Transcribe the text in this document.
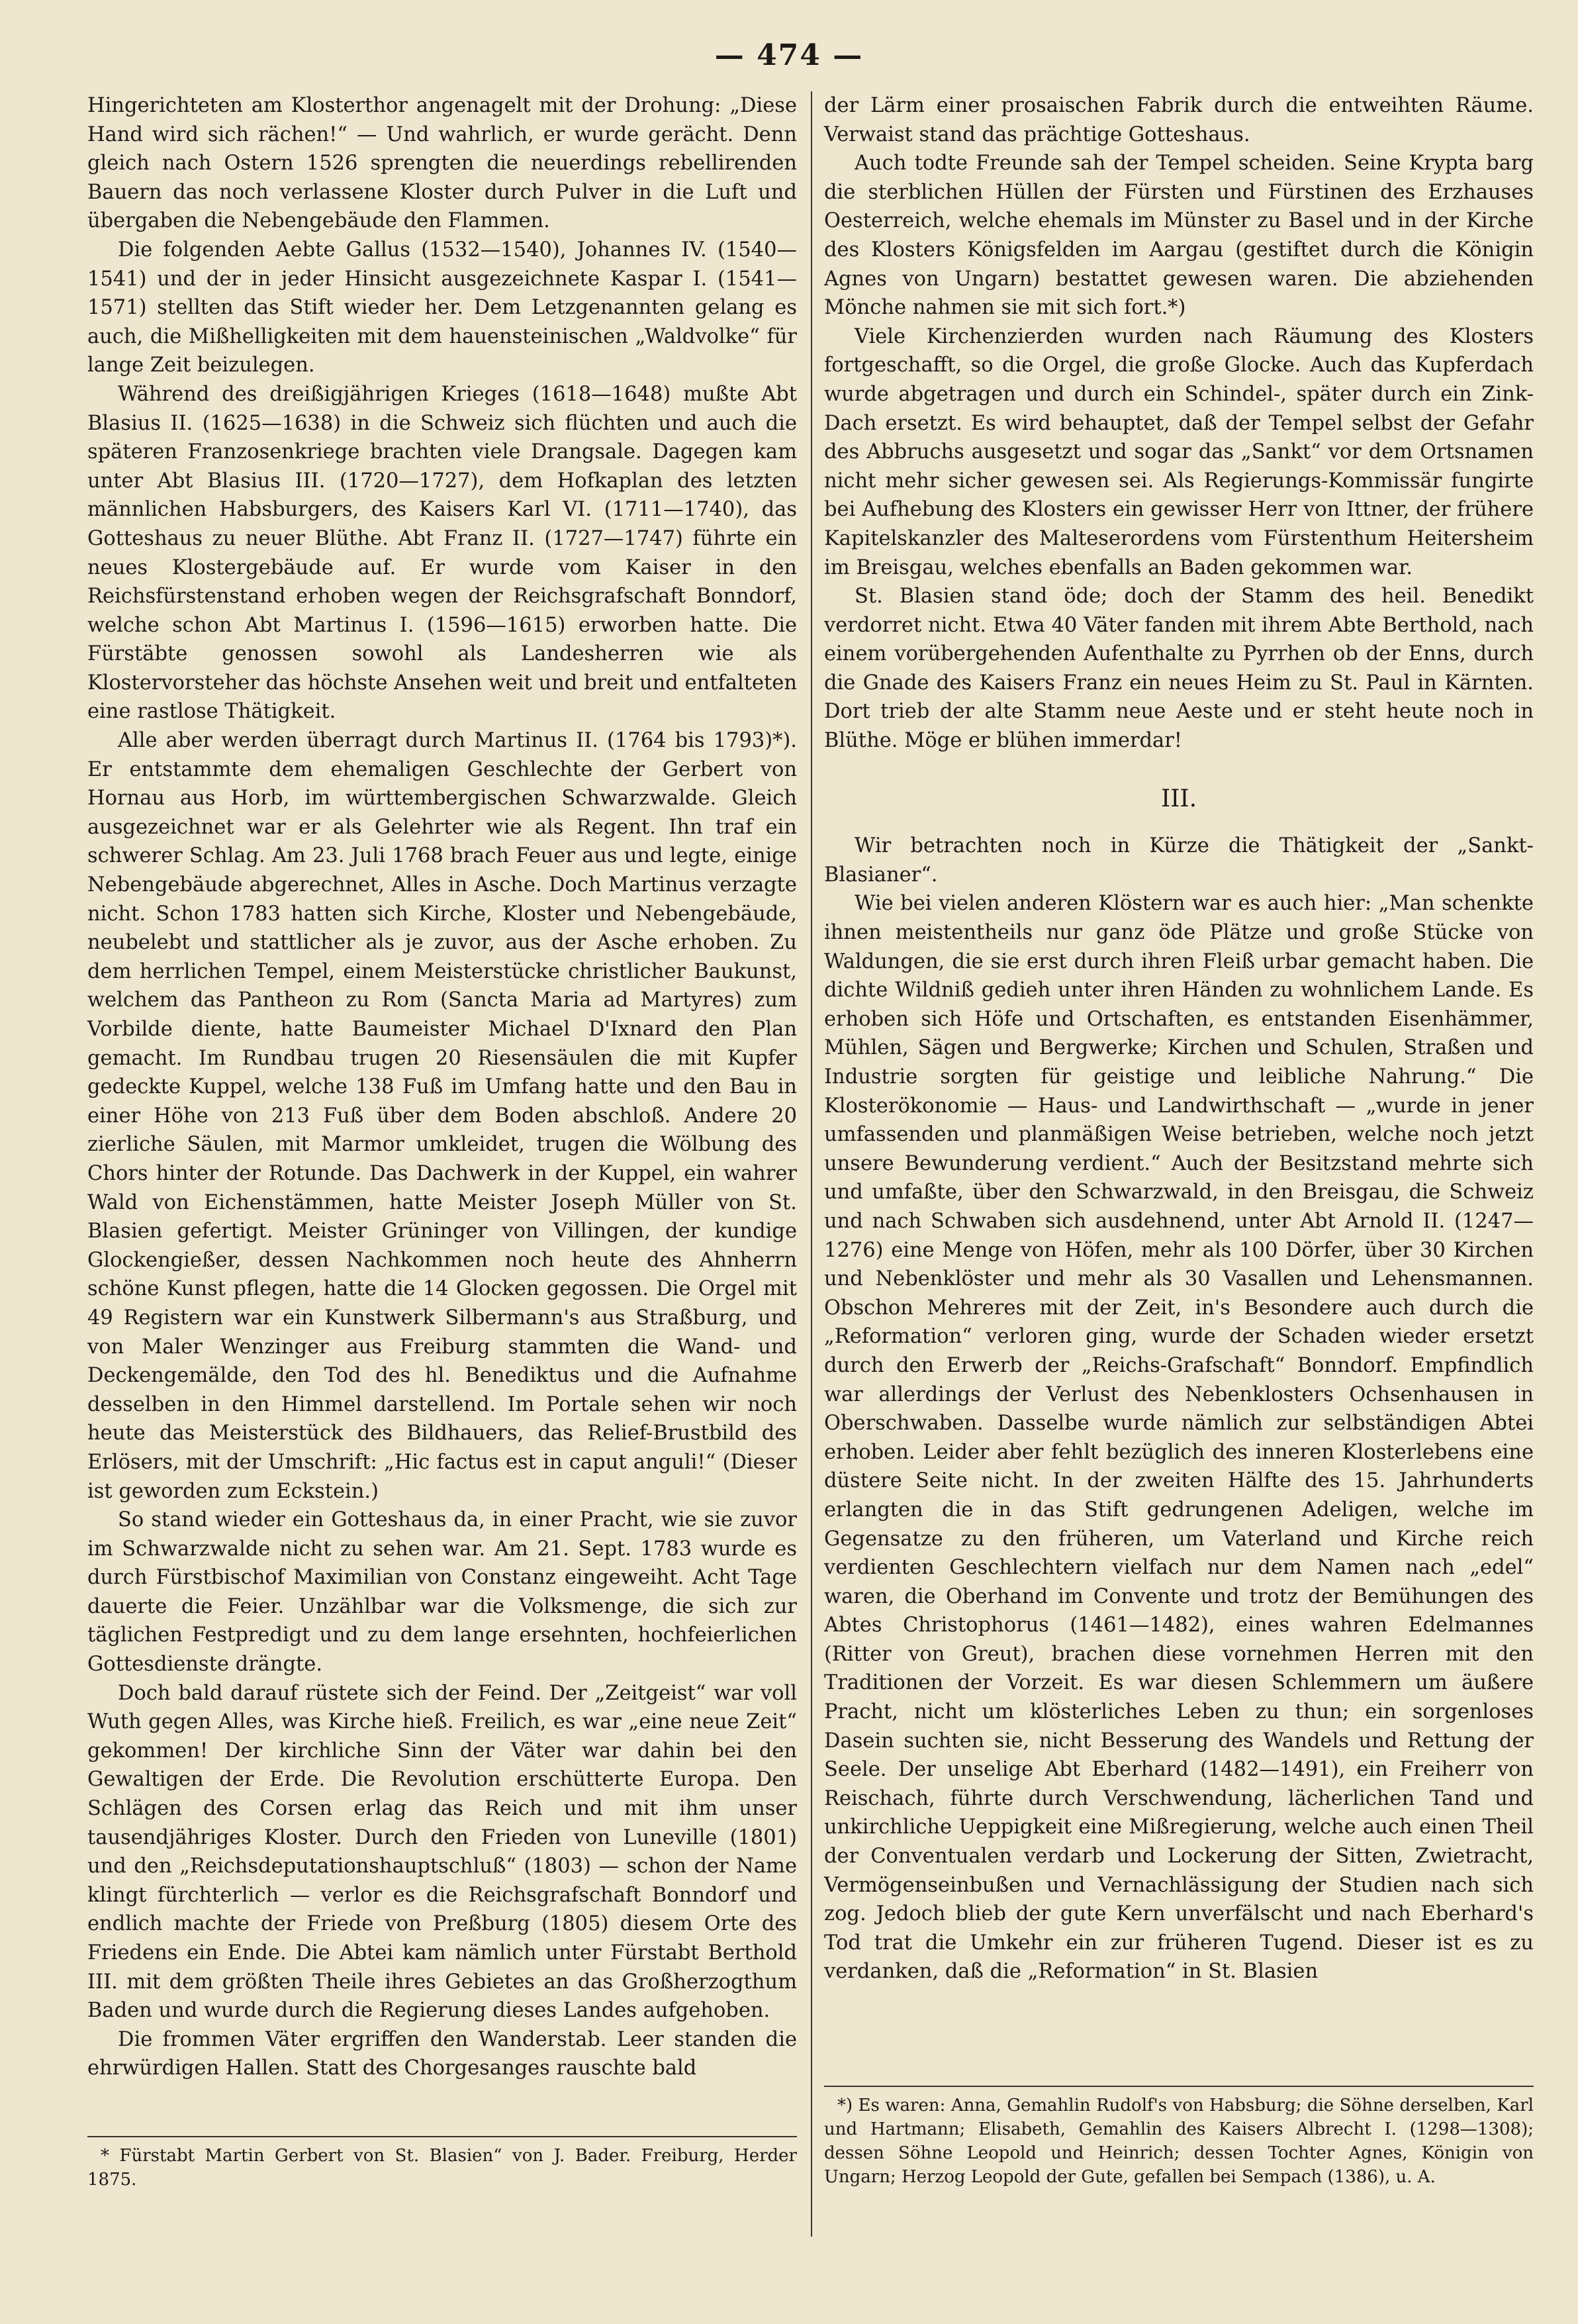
— 474 —

Hingerichteten am Klosterthor angenagelt mit der Drohung: „Diese Hand wird sich rächen!“ — Und wahrlich, er wurde gerächt. Denn gleich nach Ostern 1526 sprengten die neuerdings rebellirenden Bauern das noch verlassene Kloster durch Pulver in die Luft und übergaben die Nebengebäude den Flammen.

Die folgenden Aebte Gallus (1532—1540), Johannes IV. (1540—1541) und der in jeder Hinsicht ausgezeichnete Kaspar I. (1541—1571) stellten das Stift wieder her. Dem Letzgenannten gelang es auch, die Mißhelligkeiten mit dem hauensteinischen „Waldvolke“ für lange Zeit beizulegen.

Während des dreißigjährigen Krieges (1618—1648) mußte Abt Blasius II. (1625—1638) in die Schweiz sich flüchten und auch die späteren Franzosenkriege brachten viele Drangsale. Dagegen kam unter Abt Blasius III. (1720—1727), dem Hofkaplan des letzten männlichen Habsburgers, des Kaisers Karl VI. (1711—1740), das Gotteshaus zu neuer Blüthe. Abt Franz II. (1727—1747) führte ein neues Klostergebäude auf. Er wurde vom Kaiser in den Reichsfürstenstand erhoben wegen der Reichsgrafschaft Bonndorf, welche schon Abt Martinus I. (1596—1615) erworben hatte. Die Fürstäbte genossen sowohl als Landesherren wie als Klostervorsteher das höchste Ansehen weit und breit und entfalteten eine rastlose Thätigkeit.

Alle aber werden überragt durch Martinus II. (1764 bis 1793)*). Er entstammte dem ehemaligen Geschlechte der Gerbert von Hornau aus Horb, im württembergischen Schwarzwalde. Gleich ausgezeichnet war er als Gelehrter wie als Regent. Ihn traf ein schwerer Schlag. Am 23. Juli 1768 brach Feuer aus und legte, einige Nebengebäude abgerechnet, Alles in Asche. Doch Martinus verzagte nicht. Schon 1783 hatten sich Kirche, Kloster und Nebengebäude, neubelebt und stattlicher als je zuvor, aus der Asche erhoben. Zu dem herrlichen Tempel, einem Meisterstücke christlicher Baukunst, welchem das Pantheon zu Rom (Sancta Maria ad Martyres) zum Vorbilde diente, hatte Baumeister Michael D'Ixnard den Plan gemacht. Im Rundbau trugen 20 Riesensäulen die mit Kupfer gedeckte Kuppel, welche 138 Fuß im Umfang hatte und den Bau in einer Höhe von 213 Fuß über dem Boden abschloß. Andere 20 zierliche Säulen, mit Marmor umkleidet, trugen die Wölbung des Chors hinter der Rotunde. Das Dachwerk in der Kuppel, ein wahrer Wald von Eichenstämmen, hatte Meister Joseph Müller von St. Blasien gefertigt. Meister Grüninger von Villingen, der kundige Glockengießer, dessen Nachkommen noch heute des Ahnherrn schöne Kunst pflegen, hatte die 14 Glocken gegossen. Die Orgel mit 49 Registern war ein Kunstwerk Silbermann's aus Straßburg, und von Maler Wenzinger aus Freiburg stammten die Wand- und Deckengemälde, den Tod des hl. Benediktus und die Aufnahme desselben in den Himmel darstellend. Im Portale sehen wir noch heute das Meisterstück des Bildhauers, das Relief-Brustbild des Erlösers, mit der Umschrift: „Hic factus est in caput anguli!“ (Dieser ist geworden zum Eckstein.)

So stand wieder ein Gotteshaus da, in einer Pracht, wie sie zuvor im Schwarzwalde nicht zu sehen war. Am 21. Sept. 1783 wurde es durch Fürstbischof Maximilian von Constanz eingeweiht. Acht Tage dauerte die Feier. Unzählbar war die Volksmenge, die sich zur täglichen Festpredigt und zu dem lange ersehnten, hochfeierlichen Gottesdienste drängte.

Doch bald darauf rüstete sich der Feind. Der „Zeitgeist“ war voll Wuth gegen Alles, was Kirche hieß. Freilich, es war „eine neue Zeit“ gekommen! Der kirchliche Sinn der Väter war dahin bei den Gewaltigen der Erde. Die Revolution erschütterte Europa. Den Schlägen des Corsen erlag das Reich und mit ihm unser tausendjähriges Kloster. Durch den Frieden von Luneville (1801) und den „Reichsdeputationshauptschluß“ (1803) — schon der Name klingt fürchterlich — verlor es die Reichsgrafschaft Bonndorf und endlich machte der Friede von Preßburg (1805) diesem Orte des Friedens ein Ende. Die Abtei kam nämlich unter Fürstabt Berthold III. mit dem größten Theile ihres Gebietes an das Großherzogthum Baden und wurde durch die Regierung dieses Landes aufgehoben.

Die frommen Väter ergriffen den Wanderstab. Leer standen die ehrwürdigen Hallen. Statt des Chorgesanges rauschte bald

der Lärm einer prosaischen Fabrik durch die entweihten Räume. Verwaist stand das prächtige Gotteshaus.

Auch todte Freunde sah der Tempel scheiden. Seine Krypta barg die sterblichen Hüllen der Fürsten und Fürstinen des Erzhauses Oesterreich, welche ehemals im Münster zu Basel und in der Kirche des Klosters Königsfelden im Aargau (gestiftet durch die Königin Agnes von Ungarn) bestattet gewesen waren. Die abziehenden Mönche nahmen sie mit sich fort.*)

Viele Kirchenzierden wurden nach Räumung des Klosters fortgeschafft, so die Orgel, die große Glocke. Auch das Kupferdach wurde abgetragen und durch ein Schindel-, später durch ein Zink-Dach ersetzt. Es wird behauptet, daß der Tempel selbst der Gefahr des Abbruchs ausgesetzt und sogar das „Sankt“ vor dem Ortsnamen nicht mehr sicher gewesen sei. Als Regierungs-Kommissär fungirte bei Aufhebung des Klosters ein gewisser Herr von Ittner, der frühere Kapitelskanzler des Malteserordens vom Fürstenthum Heitersheim im Breisgau, welches ebenfalls an Baden gekommen war.

St. Blasien stand öde; doch der Stamm des heil. Benedikt verdorret nicht. Etwa 40 Väter fanden mit ihrem Abte Berthold, nach einem vorübergehenden Aufenthalte zu Pyrrhen ob der Enns, durch die Gnade des Kaisers Franz ein neues Heim zu St. Paul in Kärnten. Dort trieb der alte Stamm neue Aeste und er steht heute noch in Blüthe. Möge er blühen immerdar!

III.

Wir betrachten noch in Kürze die Thätigkeit der „Sankt-Blasianer“.

Wie bei vielen anderen Klöstern war es auch hier: „Man schenkte ihnen meistentheils nur ganz öde Plätze und große Stücke von Waldungen, die sie erst durch ihren Fleiß urbar gemacht haben. Die dichte Wildniß gedieh unter ihren Händen zu wohnlichem Lande. Es erhoben sich Höfe und Ortschaften, es entstanden Eisenhämmer, Mühlen, Sägen und Bergwerke; Kirchen und Schulen, Straßen und Industrie sorgten für geistige und leibliche Nahrung.“ Die Klosterökonomie — Haus- und Landwirthschaft — „wurde in jener umfassenden und planmäßigen Weise betrieben, welche noch jetzt unsere Bewunderung verdient.“ Auch der Besitzstand mehrte sich und umfaßte, über den Schwarzwald, in den Breisgau, die Schweiz und nach Schwaben sich ausdehnend, unter Abt Arnold II. (1247—1276) eine Menge von Höfen, mehr als 100 Dörfer, über 30 Kirchen und Nebenklöster und mehr als 30 Vasallen und Lehensmannen. Obschon Mehreres mit der Zeit, in's Besondere auch durch die „Reformation“ verloren ging, wurde der Schaden wieder ersetzt durch den Erwerb der „Reichs-Grafschaft“ Bonndorf. Empfindlich war allerdings der Verlust des Nebenklosters Ochsenhausen in Oberschwaben. Dasselbe wurde nämlich zur selbständigen Abtei erhoben. Leider aber fehlt bezüglich des inneren Klosterlebens eine düstere Seite nicht. In der zweiten Hälfte des 15. Jahrhunderts erlangten die in das Stift gedrungenen Adeligen, welche im Gegensatze zu den früheren, um Vaterland und Kirche reich verdienten Geschlechtern vielfach nur dem Namen nach „edel“ waren, die Oberhand im Convente und trotz der Bemühungen des Abtes Christophorus (1461—1482), eines wahren Edelmannes (Ritter von Greut), brachen diese vornehmen Herren mit den Traditionen der Vorzeit. Es war diesen Schlemmern um äußere Pracht, nicht um klösterliches Leben zu thun; ein sorgenloses Dasein suchten sie, nicht Besserung des Wandels und Rettung der Seele. Der unselige Abt Eberhard (1482—1491), ein Freiherr von Reischach, führte durch Verschwendung, lächerlichen Tand und unkirchliche Ueppigkeit eine Mißregierung, welche auch einen Theil der Conventualen verdarb und Lockerung der Sitten, Zwietracht, Vermögenseinbußen und Vernachlässigung der Studien nach sich zog. Jedoch blieb der gute Kern unverfälscht und nach Eberhard's Tod trat die Umkehr ein zur früheren Tugend. Dieser ist es zu verdanken, daß die „Reformation“ in St. Blasien

* Fürstabt Martin Gerbert von St. Blasien“ von J. Bader. Freiburg, Herder 1875.

*) Es waren: Anna, Gemahlin Rudolf's von Habsburg; die Söhne derselben, Karl und Hartmann; Elisabeth, Gemahlin des Kaisers Albrecht I. (1298—1308); dessen Söhne Leopold und Heinrich; dessen Tochter Agnes, Königin von Ungarn; Herzog Leopold der Gute, gefallen bei Sempach (1386), u. A.
